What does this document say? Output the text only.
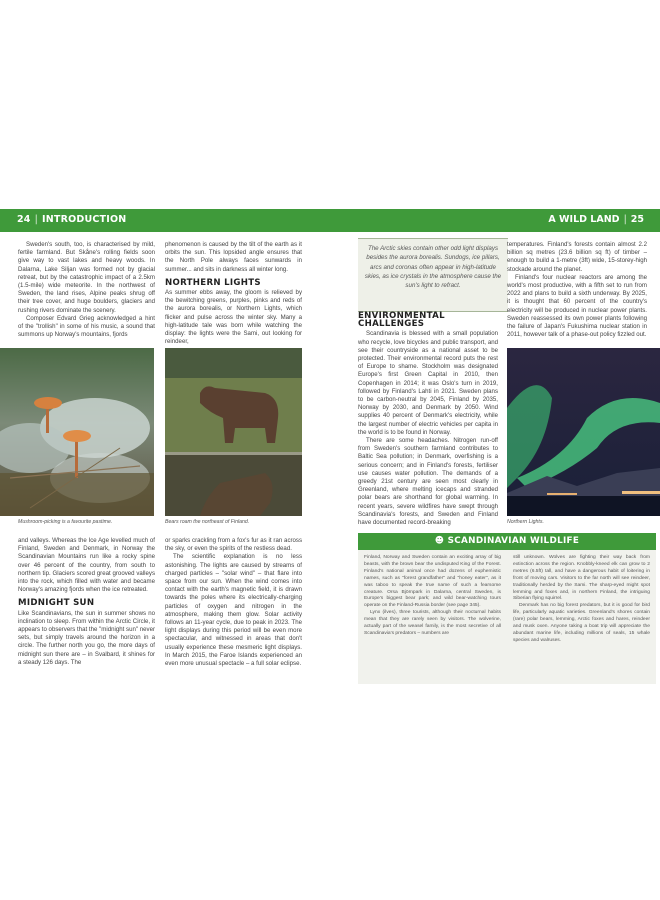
24 | INTRODUCTION	A WILD LAND | 25

Sweden's south, too, is characterised by mild, fertile farmland. But Skåne's rolling fields soon give way to vast lakes and heavy woods. In Dalarna, Lake Siljan was formed not by glacial retreat, but by the catastrophic impact of a 2.5km (1.5-mile) wide meteorite. In the northwest of Sweden, the land rises, Alpine peaks shrug off their tree cover, and huge boulders, glaciers and rushing rivers dominate the scenery.

Composer Edvard Grieg acknowledged a hint of the "trollish" in some of his music, a sound that summons up Norway's mountains, fjords

phenomenon is caused by the tilt of the earth as it orbits the sun. This lopsided angle ensures that the North Pole always faces sunwards in summer... and sits in darkness all winter long.

NORTHERN LIGHTS

As summer ebbs away, the gloom is relieved by the bewitching greens, purples, pinks and reds of the aurora borealis, or Northern Lights, which flicker and pulse across the winter sky. Many a high-latitude tale was born while watching the display: the lights were the Sami, out looking for reindeer,

Mushroom-picking is a favourite pastime.	Bears roam the northeast of Finland.

and valleys. Whereas the Ice Age levelled much of Finland, Sweden and Denmark, in Norway the Scandinavian Mountains run like a rocky spine over 46 percent of the country, from south to northern tip. Glaciers scored great grooved valleys into the rock, which filled with water and became Norway's amazing fjords when the ice retreated.

MIDNIGHT SUN

Like Scandinavians, the sun in summer shows no inclination to sleep. From within the Arctic Circle, it appears to observers that the "midnight sun" never sets, but simply travels around the horizon in a circle. The further north you go, the more days of midnight sun there are – in Svalbard, it shines for a steady 126 days. The

or sparks crackling from a fox's fur as it ran across the sky, or even the spirits of the restless dead.

The scientific explanation is no less astonishing. The lights are caused by streams of charged particles – "solar wind" – that flare into space from our sun. When the wind comes into contact with the earth's magnetic field, it is drawn towards the poles where its electrically-charging particles of oxygen and nitrogen in the atmosphere, making them glow. Solar activity follows an 11-year cycle, due to peak in 2023. The light displays during this period will be even more spectacular, and witnessed in areas that don't usually experience these mesmeric light displays. In March 2015, the Faroe Islands experienced an even more unusual spectacle – a full solar eclipse.

The Arctic skies contain other odd light displays besides the aurora borealis. Sundogs, ice pillars, arcs and coronas often appear in high-latitude skies, as ice crystals in the atmosphere cause the sun's light to refract.
ENVIRONMENTAL CHALLENGES

Scandinavia is blessed with a small population who recycle, love bicycles and public transport, and see their countryside as a national asset to be protected. Their environmental record puts the rest of Europe to shame. Stockholm was designated Europe's first Green Capital in 2010, then Copenhagen in 2014; it was Oslo's turn in 2019, followed by Finland's Lahti in 2021. Sweden plans to be carbon-neutral by 2045, Finland by 2035, Norway by 2030, and Denmark by 2050. Wind supplies 40 percent of Denmark's electricity, while the largest number of electric vehicles per capita in the world is to be found in Norway.

There are some headaches. Nitrogen run-off from Sweden's southern farmland contributes to Baltic Sea pollution; in Denmark, overfishing is a serious concern; and in Finland's forests, fertiliser use causes water pollution. The demands of a greedy 21st century are seen most clearly in Greenland, where melting icecaps and stranded polar bears are shorthand for global warming. In recent years, severe wildfires have swept through Scandinavia's forests, and Sweden and Finland have documented record-breaking

temperatures. Finland's forests contain almost 2.2 billion sq metres (23.6 billion sq ft) of timber – enough to build a 1-metre (3ft) wide, 15-storey-high stockade around the planet.

Finland's four nuclear reactors are among the world's most productive, with a fifth set to run from 2022 and plans to build a sixth underway. By 2025, it is thought that 60 percent of the country's electricity will be produced in nuclear power plants. Sweden reassessed its own power plants following the failure of Japan's Fukushima nuclear station in 2011, however talk of a phase-out policy fizzled out.

Northern Lights.
☻ SCANDINAVIAN WILDLIFE

Finland, Norway and Sweden contain an exciting array of big beasts, with the brown bear the undisputed King of the Forest. Finland's national animal once had dozens of euphemistic names, such as "forest grandfather" and "honey eater", as it was taboo to speak the true name of such a fearsome creature. Orsa Björnpark in Dalarna, central Sweden, is Europe's biggest bear park; and wild bear-watching tours operate on the Finland-Russia border (see page 345).

Lynx (ilves), three tourists, although their nocturnal habits mean that they are rarely seen by visitors. The wolverine, actually part of the weasel family, is the most secretive of all Scandinavia's predators – numbers are

still unknown. Wolves are fighting their way back from extinction across the region. Knobbly-kneed elk can grow to 2 metres (6.5ft) tall, and have a dangerous habit of loitering in front of moving cars. Visitors to the far north will see reindeer, traditionally herded by the Sami. The sharp-eyed might spot lemming and foxes and, in northern Finland, the intriguing Siberian flying squirrel.

Denmark has no big forest predators, but it is good for bird life, particularly aquatic varieties. Greenland's shores contain (rare) polar bears, lemming, Arctic foxes and hares, reindeer and musk oxen. Anyone taking a boat trip will appreciate the abundant marine life, including millions of seals, 15 whale species and walruses.
